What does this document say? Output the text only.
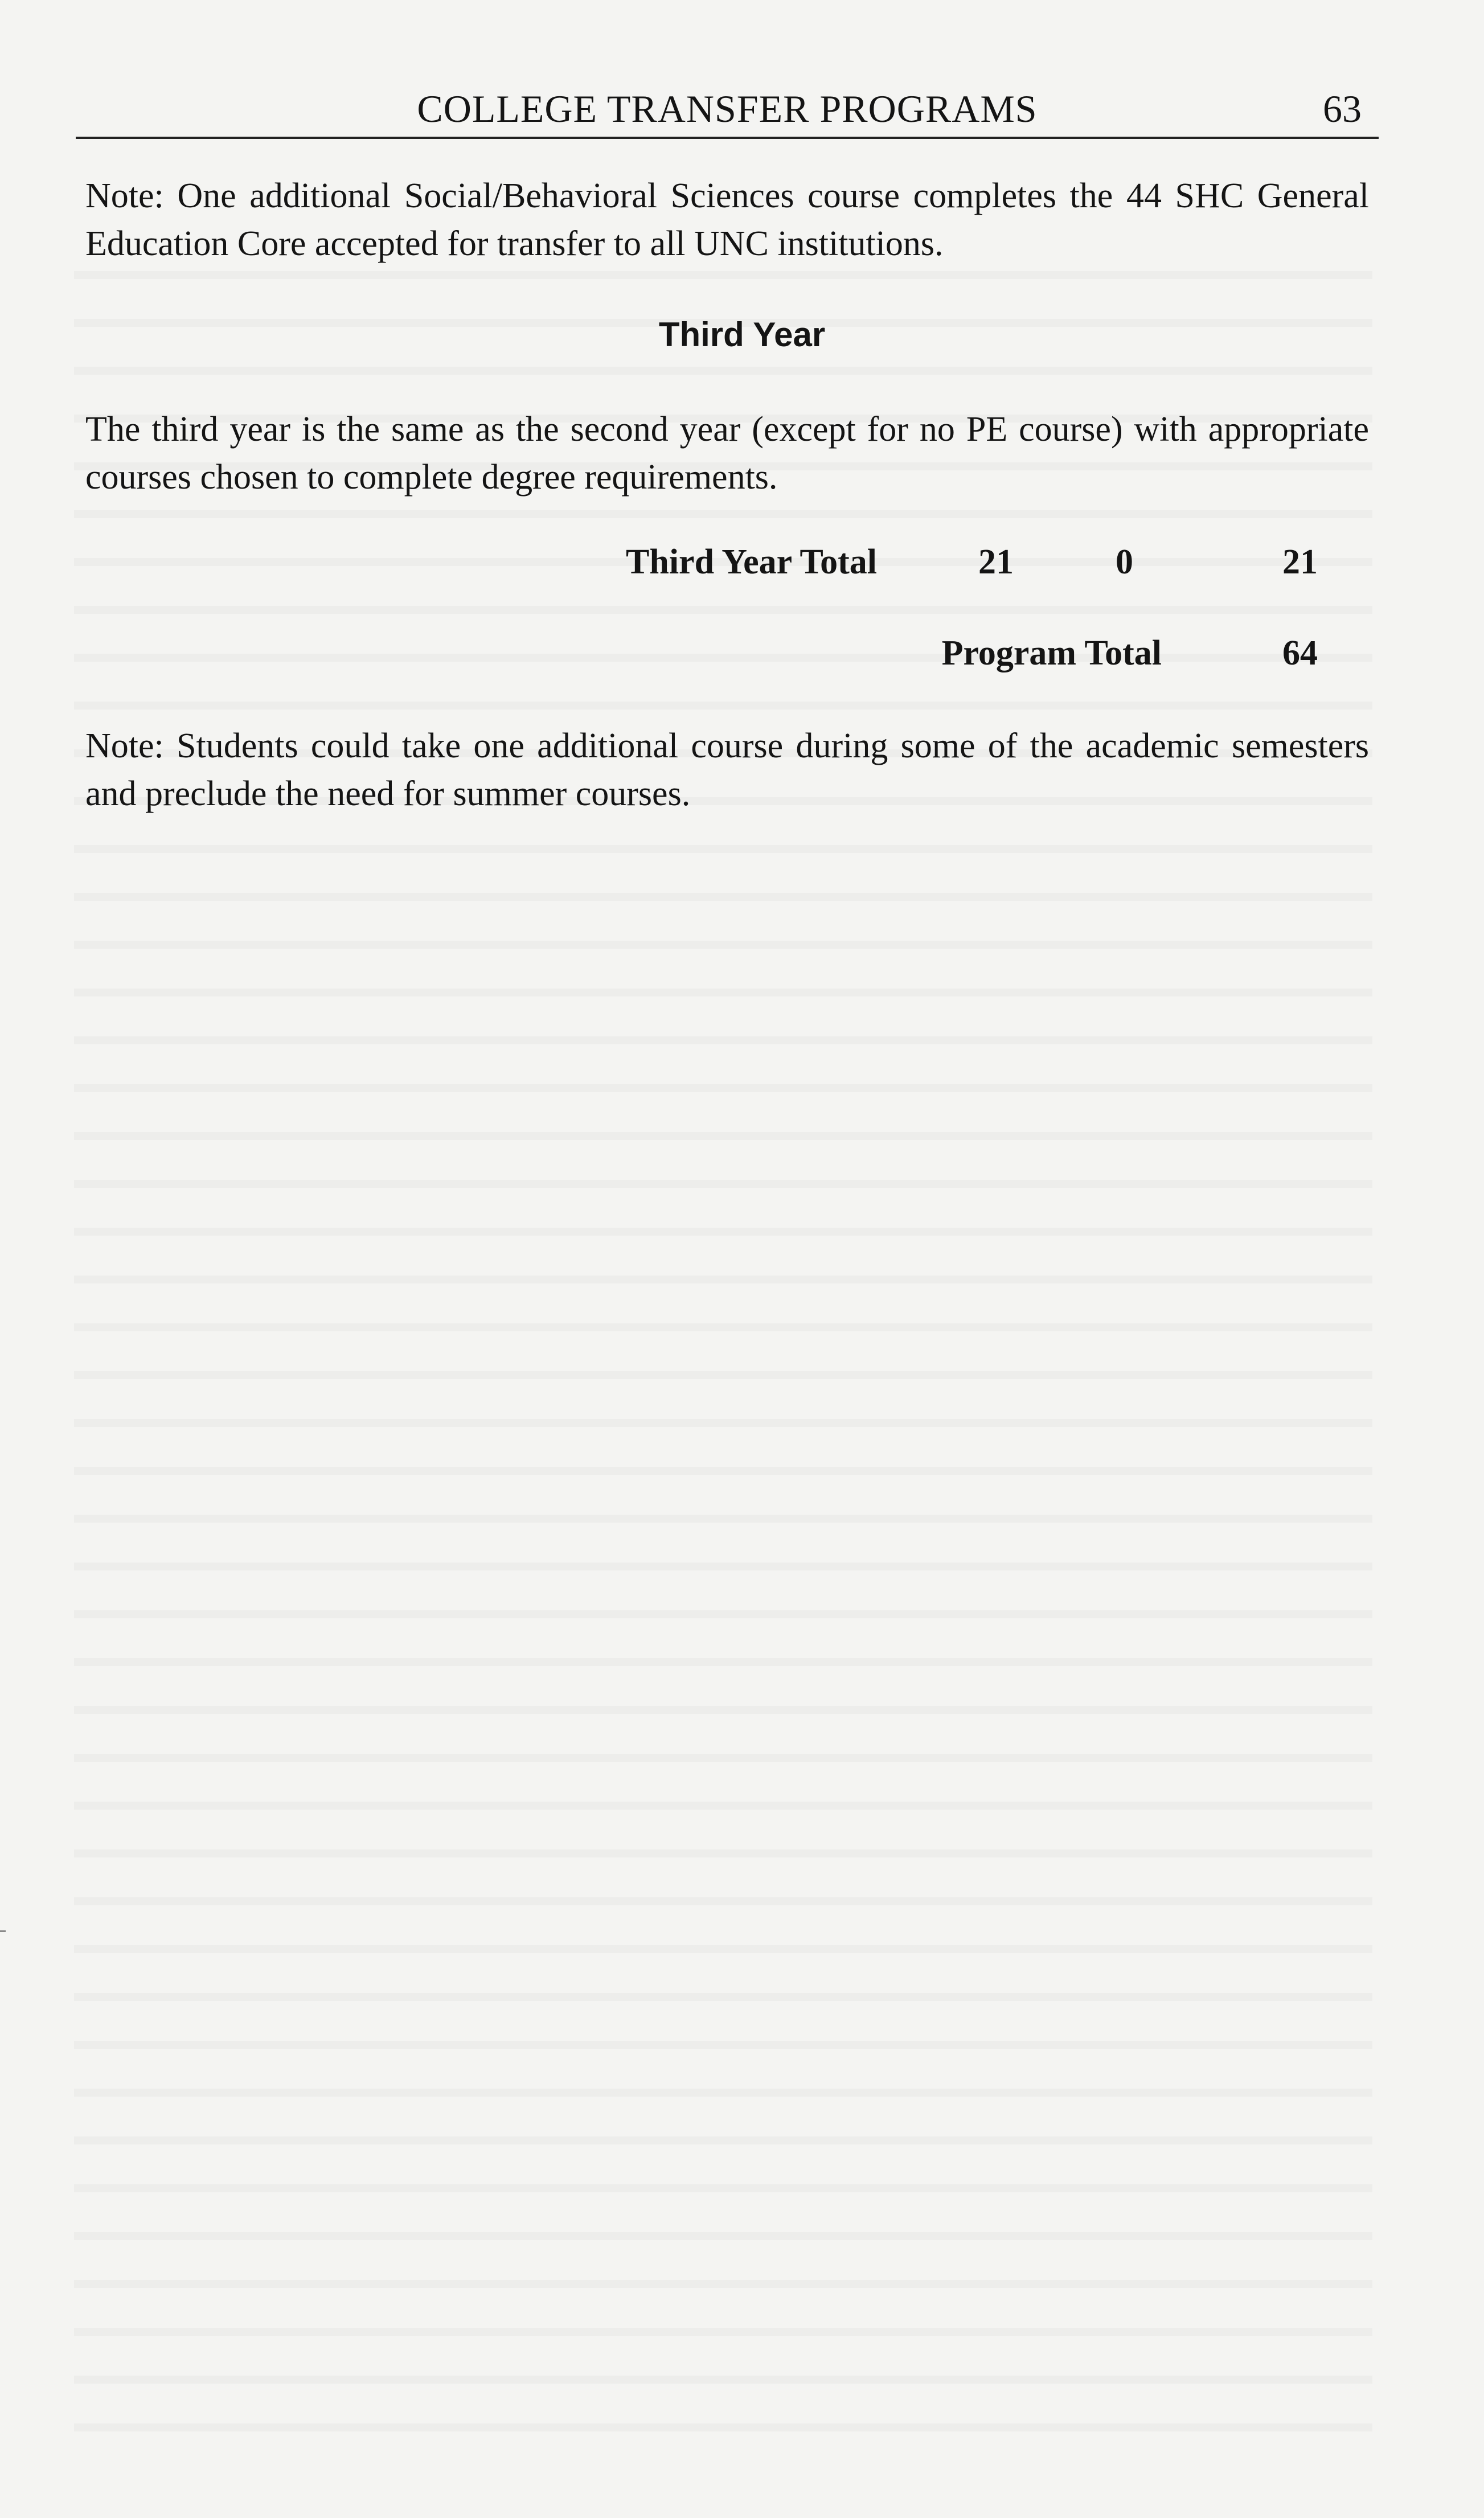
COLLEGE TRANSFER PROGRAMS	63

Note: One additional Social/Behavioral Sciences course completes the 44 SHC General Education Core accepted for transfer to all UNC institutions.

Third Year

The third year is the same as the second year (except for no PE course) with appropriate courses chosen to complete degree requirements.

Third Year Total	21	0	21
Program Total	64

Note: Students could take one additional course during some of the academic semesters and preclude the need for summer courses.
